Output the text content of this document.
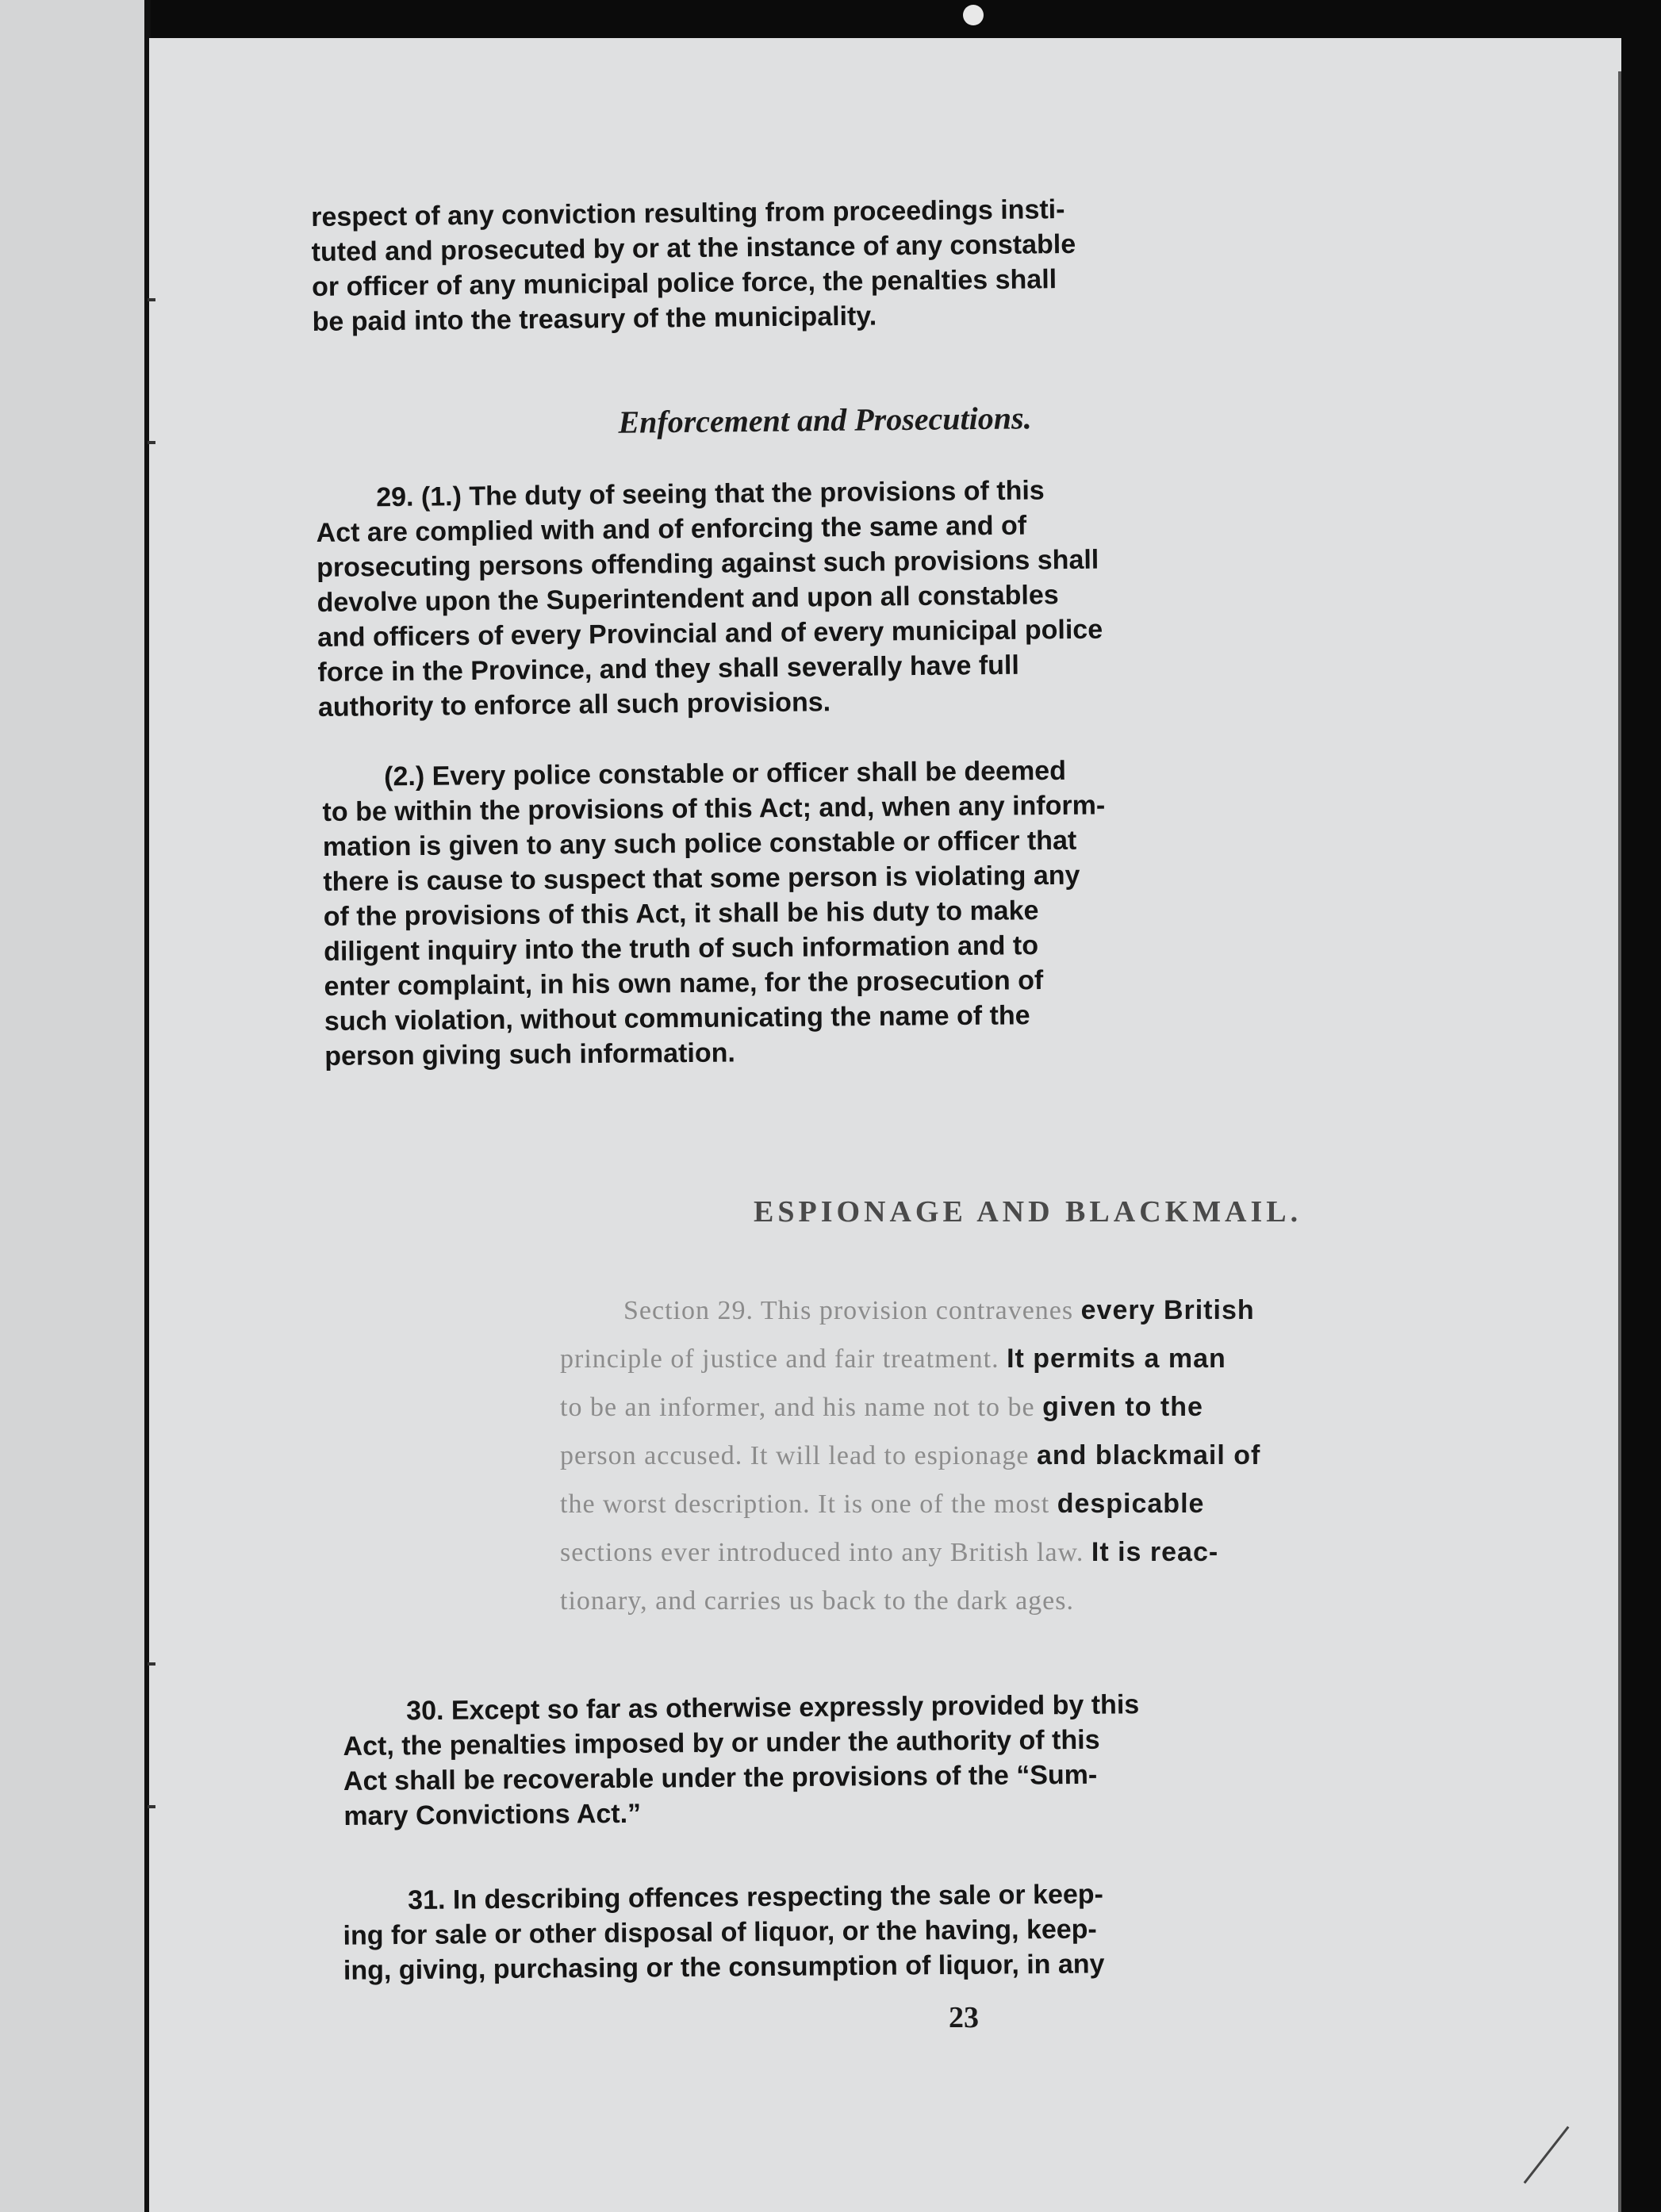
respect of any conviction resulting from proceedings insti-
tuted and prosecuted by or at the instance of any constable
or officer of any municipal police force, the penalties shall
be paid into the treasury of the municipality.
Enforcement and Prosecutions.
29. (1.) The duty of seeing that the provisions of this
Act are complied with and of enforcing the same and of
prosecuting persons offending against such provisions shall
devolve upon the Superintendent and upon all constables
and officers of every Provincial and of every municipal police
force in the Province, and they shall severally have full
authority to enforce all such provisions.
(2.) Every police constable or officer shall be deemed
to be within the provisions of this Act; and, when any inform-
mation is given to any such police constable or officer that
there is cause to suspect that some person is violating any
of the provisions of this Act, it shall be his duty to make
diligent inquiry into the truth of such information and to
enter complaint, in his own name, for the prosecution of
such violation, without communicating the name of the
person giving such information.
ESPIONAGE AND BLACKMAIL.
Section 29. This provision contravenes every British
principle of justice and fair treatment. It permits a man
to be an informer, and his name not to be given to the
person accused. It will lead to espionage and blackmail of
the worst description. It is one of the most despicable
sections ever introduced into any British law. It is reac-
tionary, and carries us back to the dark ages.
30. Except so far as otherwise expressly provided by this
Act, the penalties imposed by or under the authority of this
Act shall be recoverable under the provisions of the “Sum-
mary Convictions Act.”
31. In describing offences respecting the sale or keep-
ing for sale or other disposal of liquor, or the having, keep-
ing, giving, purchasing or the consumption of liquor, in any
23
